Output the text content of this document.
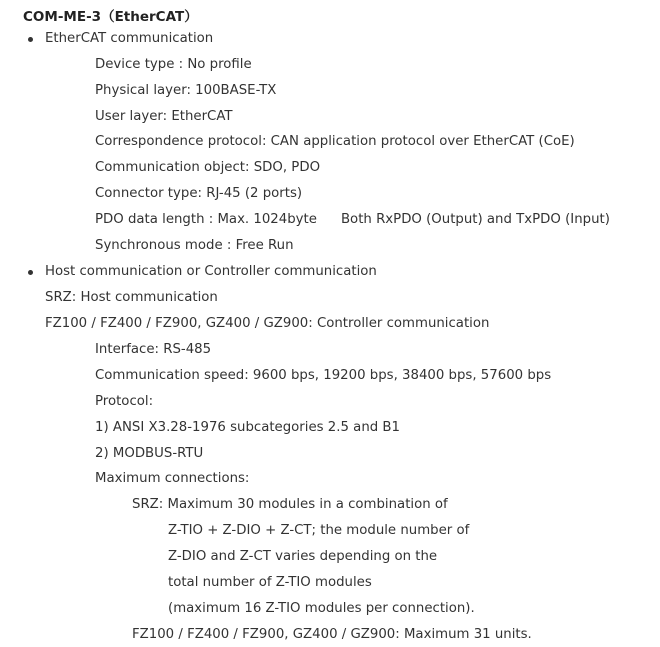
COM-ME-3（EtherCAT）
EtherCAT communication
Device type : No profile
Physical layer: 100BASE-TX
User layer: EtherCAT
Correspondence protocol: CAN application protocol over EtherCAT (CoE)
Communication object: SDO, PDO
Connector type: RJ-45 (2 ports)
PDO data length : Max. 1024byte Both RxPDO (Output) and TxPDO (Input)
Synchronous mode : Free Run
Host communication or Controller communication
SRZ: Host communication
FZ100 / FZ400 / FZ900, GZ400 / GZ900: Controller communication
Interface: RS-485
Communication speed: 9600 bps, 19200 bps, 38400 bps, 57600 bps
Protocol:
1) ANSI X3.28-1976 subcategories 2.5 and B1
2) MODBUS-RTU
Maximum connections:
SRZ: Maximum 30 modules in a combination of
Z-TIO + Z-DIO + Z-CT; the module number of
Z-DIO and Z-CT varies depending on the
total number of Z-TIO modules
(maximum 16 Z-TIO modules per connection).
FZ100 / FZ400 / FZ900, GZ400 / GZ900: Maximum 31 units.
